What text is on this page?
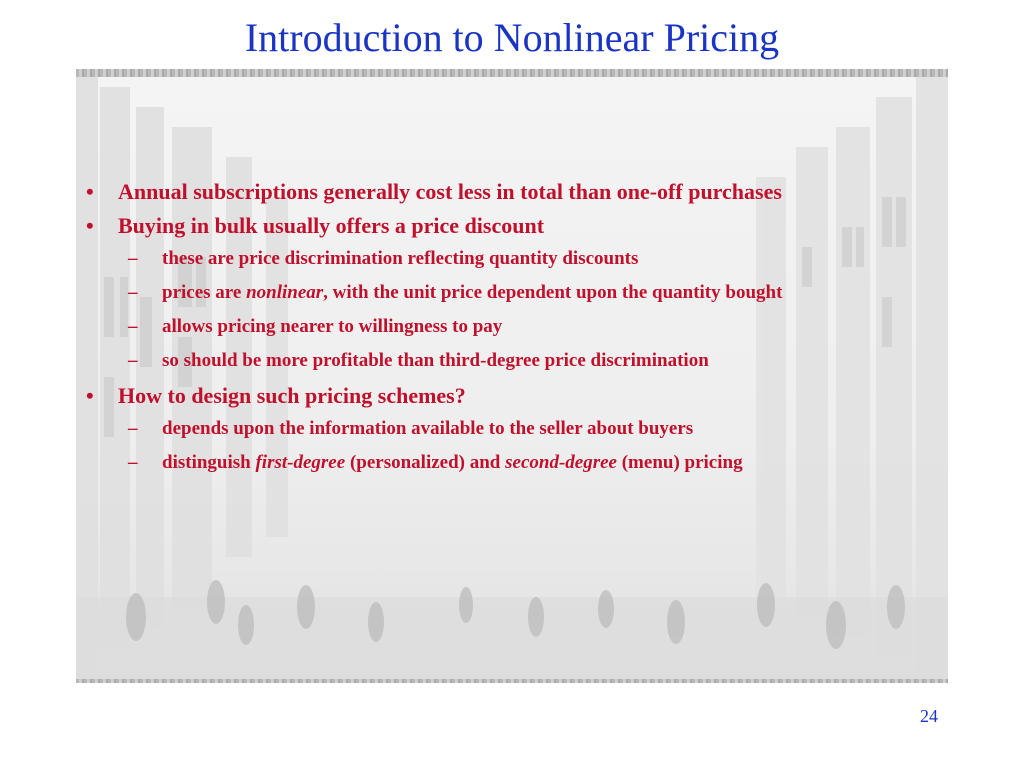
Introduction to Nonlinear Pricing
• Annual subscriptions generally cost less in total than one-off purchases
• Buying in bulk usually offers a price discount
– these are price discrimination reflecting quantity discounts
– prices are nonlinear, with the unit price dependent upon the quantity bought
– allows pricing nearer to willingness to pay
– so should be more profitable than third-degree price discrimination
• How to design such pricing schemes?
– depends upon the information available to the seller about buyers
– distinguish first-degree (personalized) and second-degree (menu) pricing
24
